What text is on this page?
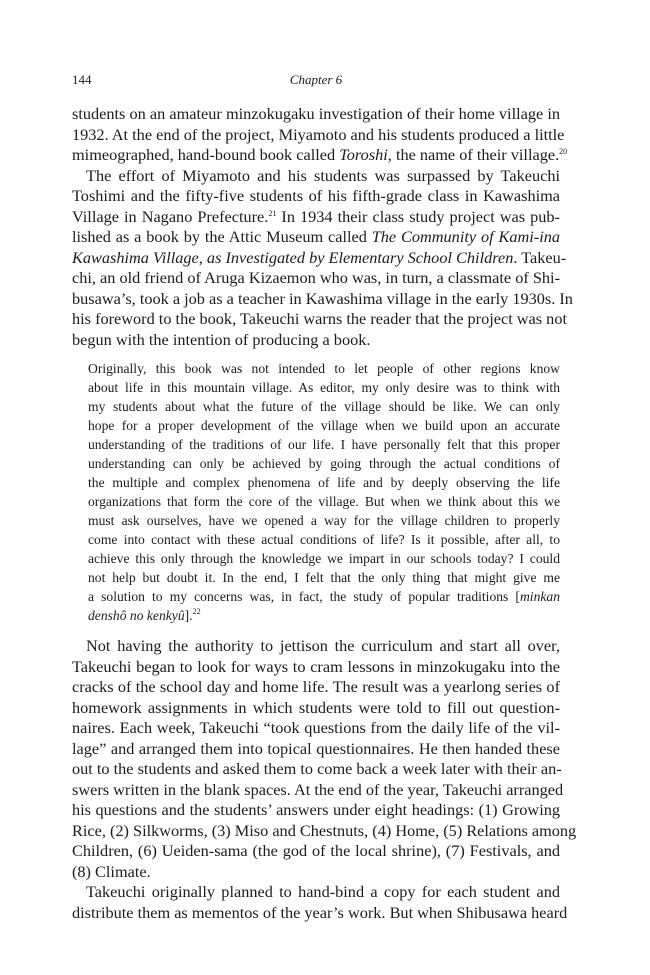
144	Chapter 6
students on an amateur minzokugaku investigation of their home village in
1932. At the end of the project, Miyamoto and his students produced a little
mimeographed, hand-bound book called Toroshi, the name of their village.$^{20}$
The effort of Miyamoto and his students was surpassed by Takeuchi
Toshimi and the fifty-five students of his fifth-grade class in Kawashima
Village in Nagano Prefecture.$^{21}$ In 1934 their class study project was pub-
lished as a book by the Attic Museum called The Community of Kami-ina
Kawashima Village, as Investigated by Elementary School Children. Takeu-
chi, an old friend of Aruga Kizaemon who was, in turn, a classmate of Shi-
busawa’s, took a job as a teacher in Kawashima village in the early 1930s. In
his foreword to the book, Takeuchi warns the reader that the project was not
begun with the intention of producing a book.
Originally, this book was not intended to let people of other regions know
about life in this mountain village. As editor, my only desire was to think with
my students about what the future of the village should be like. We can only
hope for a proper development of the village when we build upon an accurate
understanding of the traditions of our life. I have personally felt that this proper
understanding can only be achieved by going through the actual conditions of
the multiple and complex phenomena of life and by deeply observing the life
organizations that form the core of the village. But when we think about this we
must ask ourselves, have we opened a way for the village children to properly
come into contact with these actual conditions of life? Is it possible, after all, to
achieve this only through the knowledge we impart in our schools today? I could
not help but doubt it. In the end, I felt that the only thing that might give me
a solution to my concerns was, in fact, the study of popular traditions [minkan
denshô no kenkyû].$^{22}$
Not having the authority to jettison the curriculum and start all over,
Takeuchi began to look for ways to cram lessons in minzokugaku into the
cracks of the school day and home life. The result was a yearlong series of
homework assignments in which students were told to fill out question-
naires. Each week, Takeuchi “took questions from the daily life of the vil-
lage” and arranged them into topical questionnaires. He then handed these
out to the students and asked them to come back a week later with their an-
swers written in the blank spaces. At the end of the year, Takeuchi arranged
his questions and the students’ answers under eight headings: (1) Growing
Rice, (2) Silkworms, (3) Miso and Chestnuts, (4) Home, (5) Relations among
Children, (6) Ueiden-sama (the god of the local shrine), (7) Festivals, and
(8) Climate.
Takeuchi originally planned to hand-bind a copy for each student and
distribute them as mementos of the year’s work. But when Shibusawa heard
